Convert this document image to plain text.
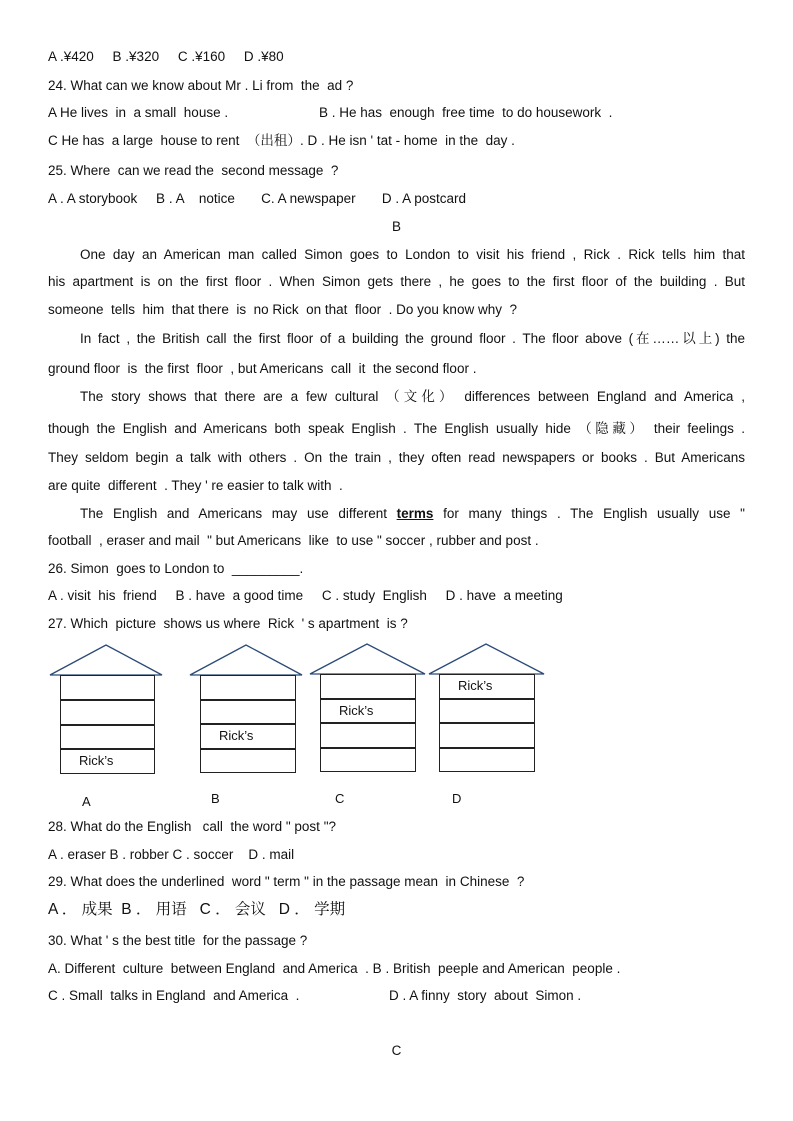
A .¥420     B .¥320     C .¥160     D .¥80
24. What can we know about Mr . Li from  the  ad ?
A He lives  in  a small  house .	B . He has  enough  free time  to do housework  .
C He has  a large  house to rent  （出租） . D . He isn ' tat - home  in the  day .
25. Where  can we read the  second message  ?
A . A storybook     B . A    notice       C. A newspaper       D . A postcard
B
One day an American man called Simon goes to London to visit his friend , Rick . Rick tells him that
his apartment is on the first floor . When Simon gets there , he goes to the first floor of the building . But
someone  tells  him  that there  is  no Rick  on that  floor  . Do you know why  ?
In fact , the British call the first floor of a building the ground floor . The floor above (在……以上) the
ground floor  is  the first  floor  , but Americans  call  it  the second floor .
The story shows that there are a few cultural （文化） differences between England and America ,
though the English and Americans both speak English . The English usually hide （隐藏） their feelings .
They seldom begin a talk with others . On the train , they often read newspapers or books . But Americans
are quite  different  . They ' re easier to talk with  .
The English and Americans may use different terms for many things . The English usually use "
football  , eraser and mail  " but Americans  like  to use " soccer , rubber and post .
26. Simon  goes to London to  _________.
A . visit  his  friend     B . have  a good time     C . study  English     D . have  a meeting
27. Which  picture  shows us where  Rick  ' s apartment  is ?
Rick’s
A
Rick’s
B
Rick’s
C
Rick’s
D
28. What do the English   call  the word " post "?
A . eraser B . robber C . soccer    D . mail
29. What does the underlined  word " term " in the passage mean  in Chinese  ?
A ． 成果  B ． 用语   C ． 会议   D ． 学期
30. What ' s the best title  for the passage ?
A. Different  culture  between England  and America  . B . British  peeple and American  people .
C . Small  talks in England  and America  .	D . A finny  story  about  Simon .
C
